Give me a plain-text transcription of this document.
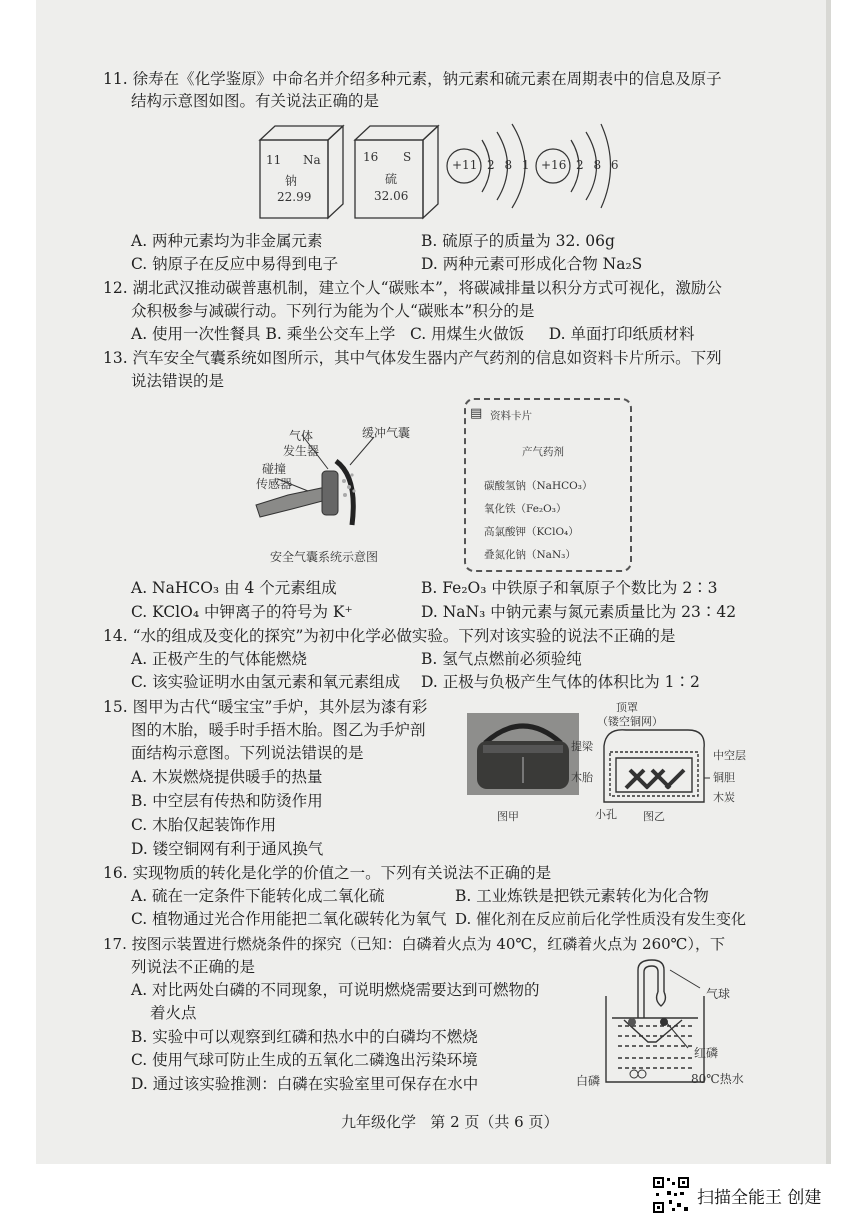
11. 徐寿在《化学鉴原》中命名并介绍多种元素，钠元素和硫元素在周期表中的信息及原子
结构示意图如图。有关说法正确的是
11 Na
钠
22.99
16 S
硫
32.06
+11 2 8 1 +16 2 8 6
A. 两种元素均为非金属元素	B. 硫原子的质量为 32. 06g
C. 钠原子在反应中易得到电子	D. 两种元素可形成化合物 Na₂S
12. 湖北武汉推动碳普惠机制，建立个人“碳账本”，将碳减排量以积分方式可视化，激励公
众积极参与减碳行动。下列行为能为个人“碳账本”积分的是
A. 使用一次性餐具 B. 乘坐公交车上学   C. 用煤生火做饭     D. 单面打印纸质材料
13. 汽车安全气囊系统如图所示，其中气体发生器内产气药剂的信息如资料卡片所示。下列
说法错误的是
气体
发生器
缓冲气囊
碰撞
传感器
安全气囊系统示意图
▤ 资料卡片
产气药剂
碳酸氢钠（NaHCO₃）
氧化铁（Fe₂O₃）
高氯酸钾（KClO₄）
叠氮化钠（NaN₃）
A. NaHCO₃ 由 4 个元素组成	B. Fe₂O₃ 中铁原子和氧原子个数比为 2∶3
C. KClO₄ 中钾离子的符号为 K⁺	D. NaN₃ 中钠元素与氮元素质量比为 23∶42
14. “水的组成及变化的探究”为初中化学必做实验。下列对该实验的说法不正确的是
A. 正极产生的气体能燃烧	B. 氢气点燃前必须验纯
C. 该实验证明水由氢元素和氧元素组成 D. 正极与负极产生气体的体积比为 1∶2
15. 图甲为古代“暖宝宝”手炉，其外层为漆有彩
图的木胎，暖手时手捂木胎。图乙为手炉剖
面结构示意图。下列说法错误的是
A. 木炭燃烧提供暖手的热量
B. 中空层有传热和防烫作用
C. 木胎仅起装饰作用
D. 镂空铜网有利于通风换气
图甲
顶罩
（镂空铜网）
提梁
木胎
中空层
铜胆
木炭
小孔 图乙
16. 实现物质的转化是化学的价值之一。下列有关说法不正确的是
A. 硫在一定条件下能转化成二氧化硫	B. 工业炼铁是把铁元素转化为化合物
C. 植物通过光合作用能把二氧化碳转化为氧气 D. 催化剂在反应前后化学性质没有发生变化
17. 按图示装置进行燃烧条件的探究（已知：白磷着火点为 40℃，红磷着火点为 260℃），下
列说法不正确的是
A. 对比两处白磷的不同现象，可说明燃烧需要达到可燃物的
着火点
B. 实验中可以观察到红磷和热水中的白磷均不燃烧
C. 使用气球可防止生成的五氧化二磷逸出污染环境
D. 通过该实验推测：白磷在实验室里可保存在水中
气球
红磷
白磷	80℃热水
九年级化学   第 2 页（共 6 页）
扫描全能王 创建
